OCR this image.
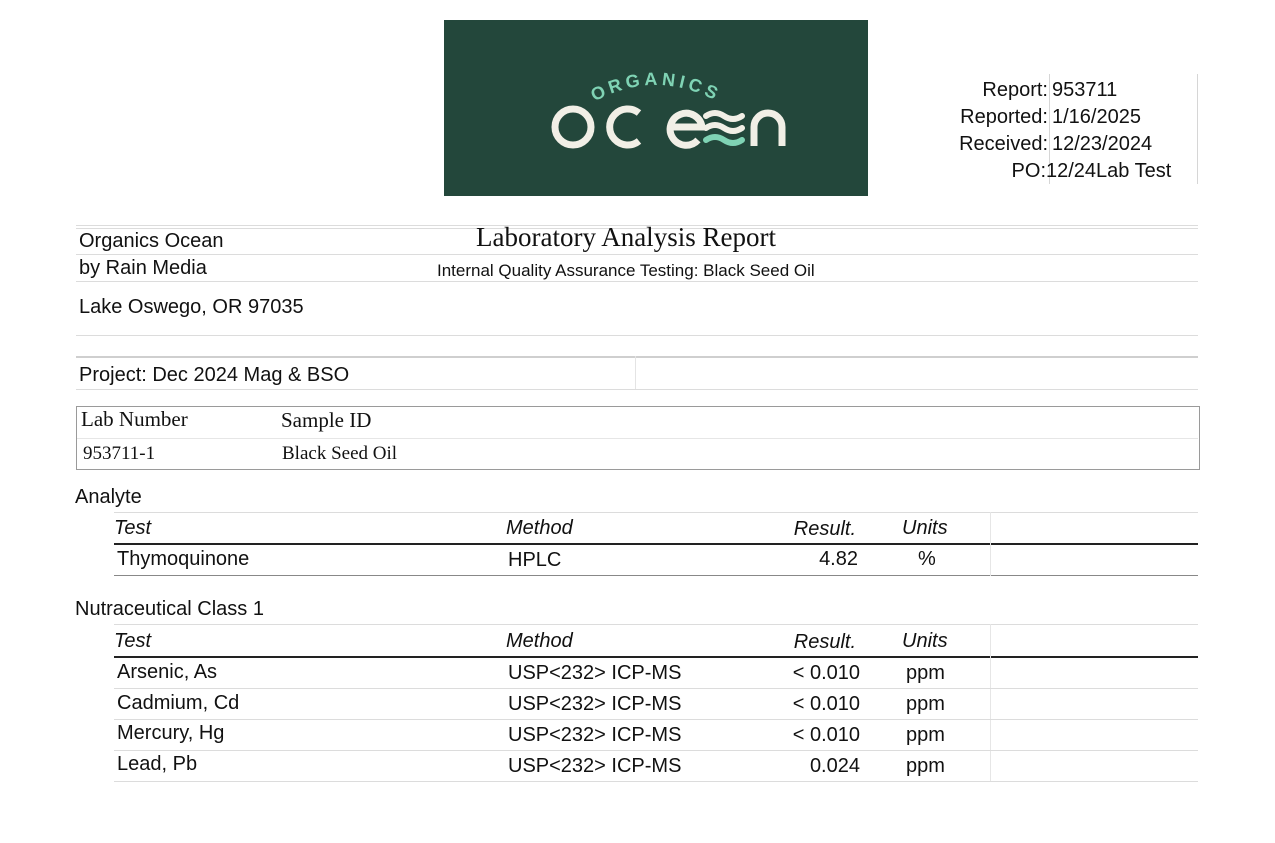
ORGANICS	Report: 953711
Reported: 1/16/2025
Received: 12/23/2024
PO: 12/24Lab Test
Organics Ocean
by Rain Media
Lake Oswego, OR 97035
Project: Dec 2024 Mag & BSO
Laboratory Analysis Report
Internal Quality Assurance Testing: Black Seed Oil
Lab Number	Sample ID
953711-1	Black Seed Oil
Analyte
Test	Method	Result. Units
Thymoquinone	HPLC	4.82	%
Nutraceutical Class 1
Test	Method	Result. Units
Arsenic, As	USP<232> ICP-MS	< 0.010 ppm
Cadmium, Cd	USP<232> ICP-MS	< 0.010 ppm
Mercury, Hg	USP<232> ICP-MS	< 0.010 ppm
Lead, Pb	USP<232> ICP-MS	0.024 ppm
